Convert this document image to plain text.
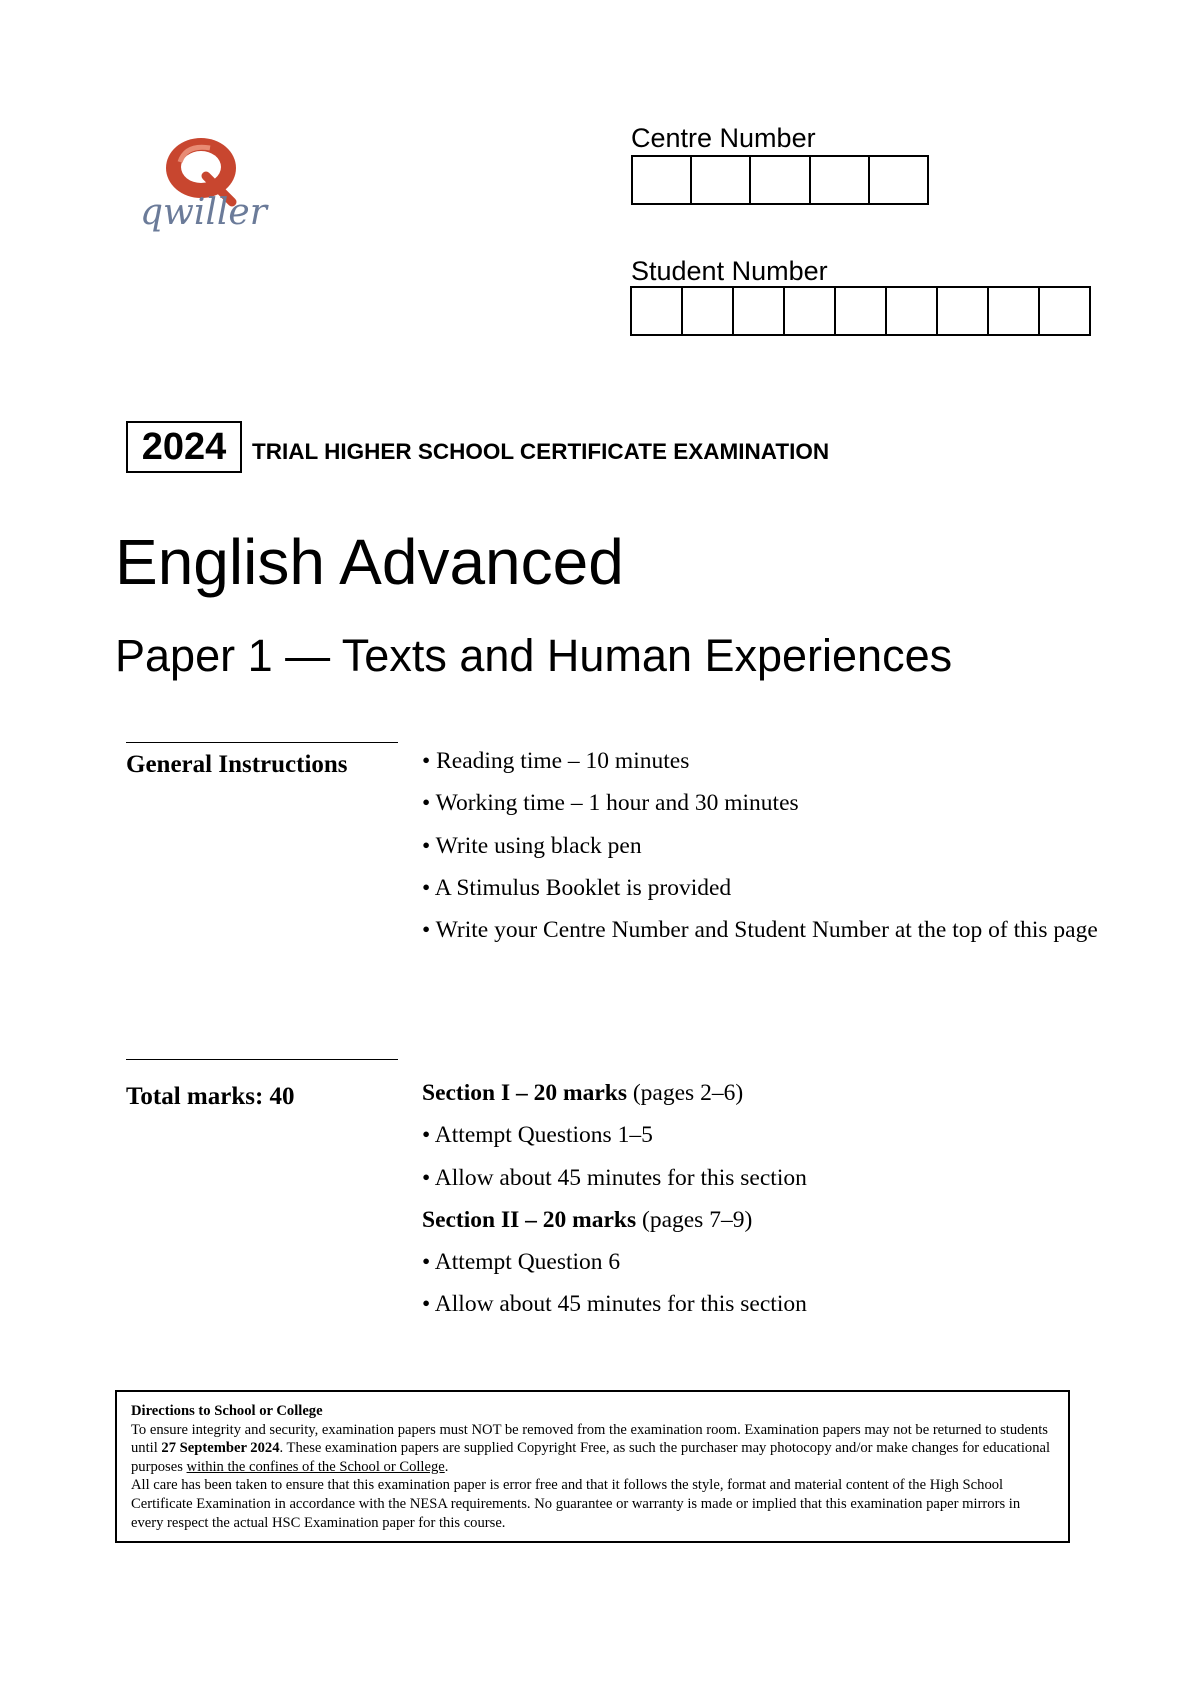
qwiller
Centre Number
Student Number
2024	TRIAL HIGHER SCHOOL CERTIFICATE EXAMINATION
English Advanced
Paper 1 — Texts and Human Experiences
General Instructions	• Reading time – 10 minutes
• Working time – 1 hour and 30 minutes
• Write using black pen
• A Stimulus Booklet is provided
• Write your Centre Number and Student Number at the top of this page
Total marks: 40	Section I – 20 marks (pages 2–6)
• Attempt Questions 1–5
• Allow about 45 minutes for this section
Section II – 20 marks (pages 7–9)
• Attempt Question 6
• Allow about 45 minutes for this section
Directions to School or College

To ensure integrity and security, examination papers must NOT be removed from the examination room. Examination papers may not be returned to students until 27 September 2024. These examination papers are supplied Copyright Free, as such the purchaser may photocopy and/or make changes for educational purposes within the confines of the School or College.

All care has been taken to ensure that this examination paper is error free and that it follows the style, format and material content of the High School Certificate Examination in accordance with the NESA requirements. No guarantee or warranty is made or implied that this examination paper mirrors in every respect the actual HSC Examination paper for this course.
